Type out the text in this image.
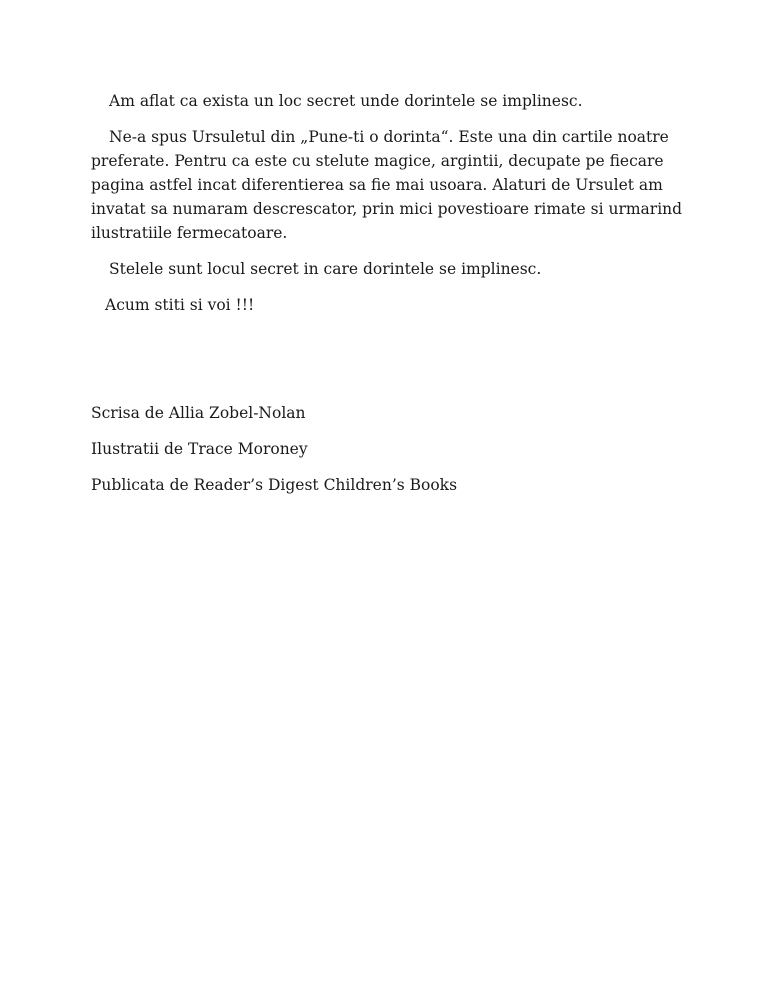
Am aflat ca exista un loc secret unde dorintele se implinesc.

Ne-a spus Ursuletul din „Pune-ti o dorinta“. Este una din cartile noatre preferate. Pentru ca este cu stelute magice, argintii, decupate pe fiecare pagina astfel incat diferentierea sa fie mai usoara. Alaturi de Ursulet am invatat sa numaram descrescator, prin mici povestioare rimate si urmarind ilustratiile fermecatoare.

Stelele sunt locul secret in care dorintele se implinesc.

Acum stiti si voi !!!

Scrisa de Allia Zobel-Nolan

Ilustratii de Trace Moroney

Publicata de Reader’s Digest Children’s Books
